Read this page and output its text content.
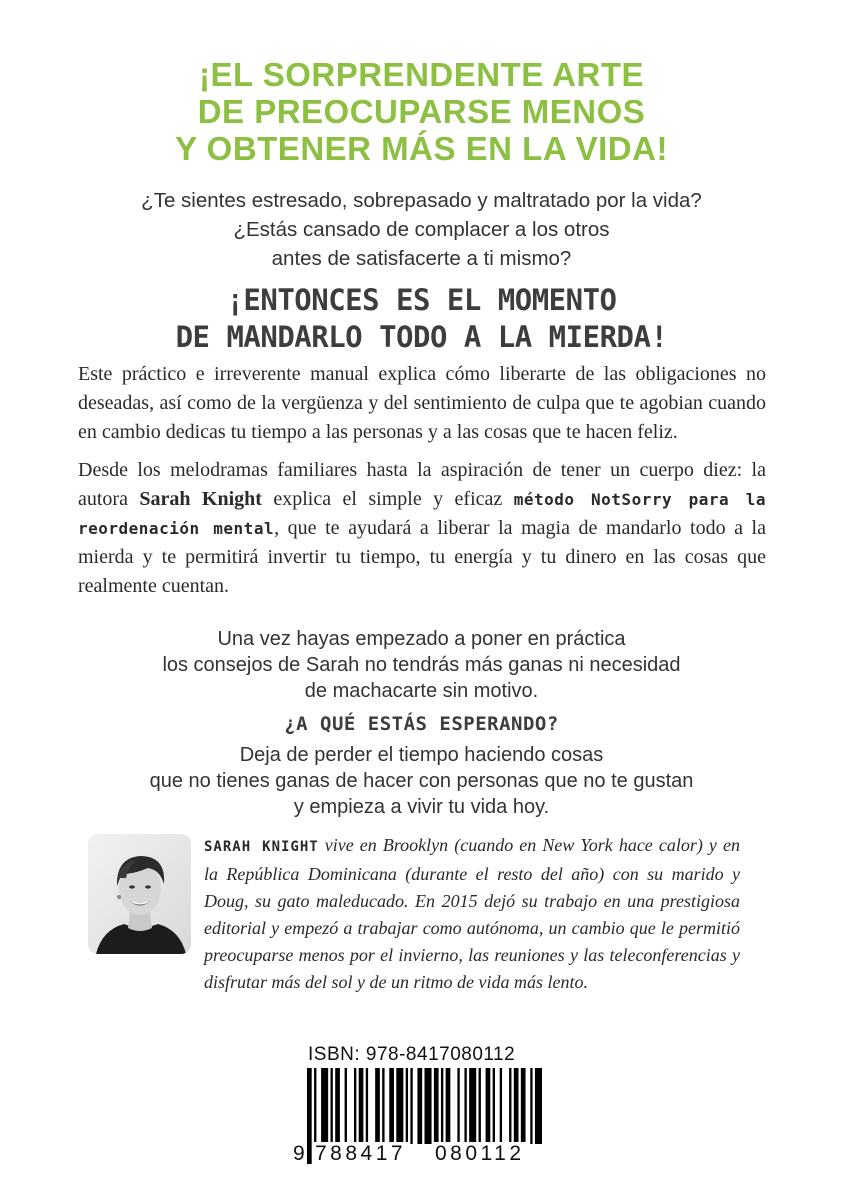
¡EL SORPRENDENTE ARTE
DE PREOCUPARSE MENOS
Y OBTENER MÁS EN LA VIDA!
¿Te sientes estresado, sobrepasado y maltratado por la vida?
¿Estás cansado de complacer a los otros
antes de satisfacerte a ti mismo?
¡ENTONCES ES EL MOMENTO
DE MANDARLO TODO A LA MIERDA!

Este práctico e irreverente manual explica cómo liberarte de las obligaciones no deseadas, así como de la vergüenza y del sentimiento de culpa que te agobian cuando en cambio dedicas tu tiempo a las personas y a las cosas que te hacen feliz.

Desde los melodramas familiares hasta la aspiración de tener un cuerpo diez: la autora Sarah Knight explica el simple y eficaz método NotSorry para la reordenación mental, que te ayudará a liberar la magia de mandarlo todo a la mierda y te permitirá invertir tu tiempo, tu energía y tu dinero en las cosas que realmente cuentan.

Una vez hayas empezado a poner en práctica
los consejos de Sarah no tendrás más ganas ni necesidad
de machacarte sin motivo.
¿A QUÉ ESTÁS ESPERANDO?
Deja de perder el tiempo haciendo cosas
que no tienes ganas de hacer con personas que no te gustan
y empieza a vivir tu vida hoy.
SARAH KNIGHT vive en Brooklyn (cuando en New York hace calor) y en la República Dominicana (durante el resto del año) con su marido y Doug, su gato maleducado. En 2015 dejó su trabajo en una prestigiosa editorial y empezó a trabajar como autónoma, un cambio que le permitió preocuparse menos por el invierno, las reuniones y las teleconferencias y disfrutar más del sol y de un ritmo de vida más lento.
ISBN: 978-8417080112
9 788417 080112
